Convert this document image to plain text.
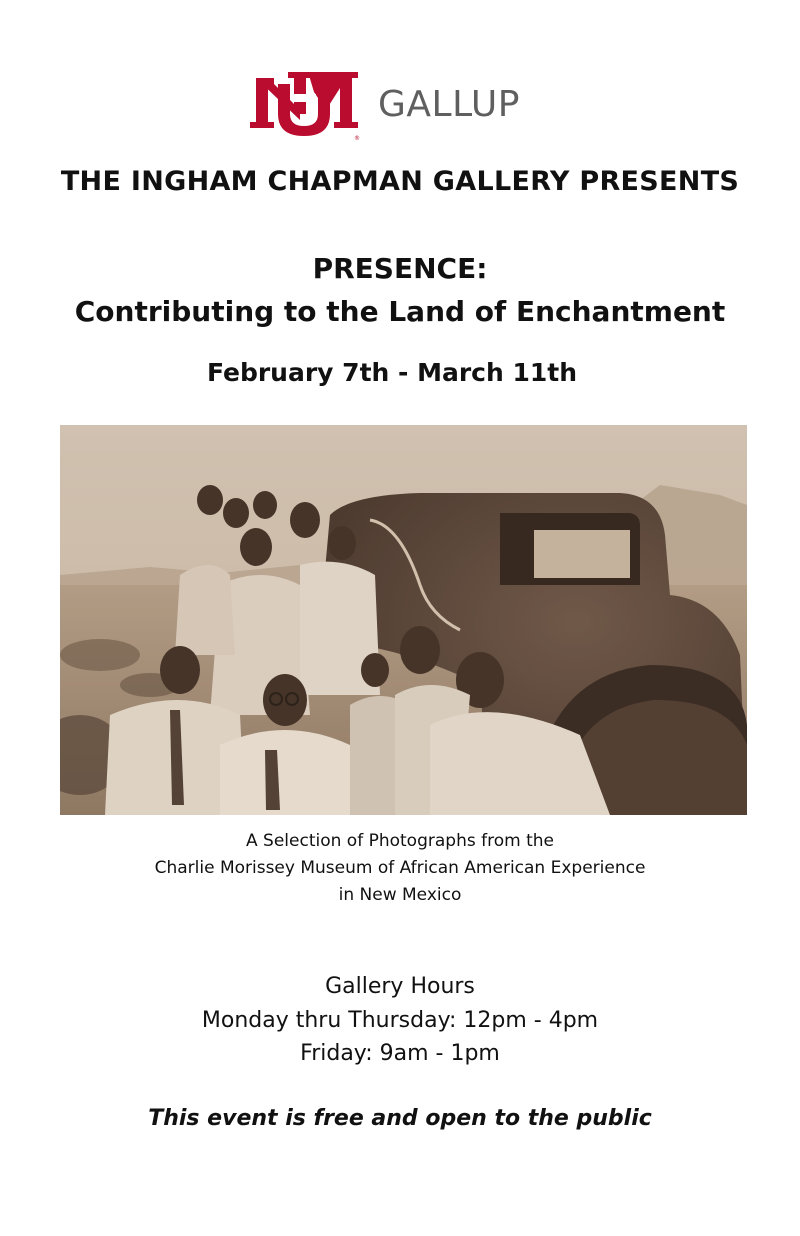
®
GALLUP
THE INGHAM CHAPMAN GALLERY PRESENTS
PRESENCE:
Contributing to the Land of Enchantment
February 7th - March 11th
A Selection of Photographs from the
Charlie Morissey Museum of African American Experience
in New Mexico
Gallery Hours
Monday thru Thursday: 12pm - 4pm
Friday: 9am - 1pm
This event is free and open to the public
